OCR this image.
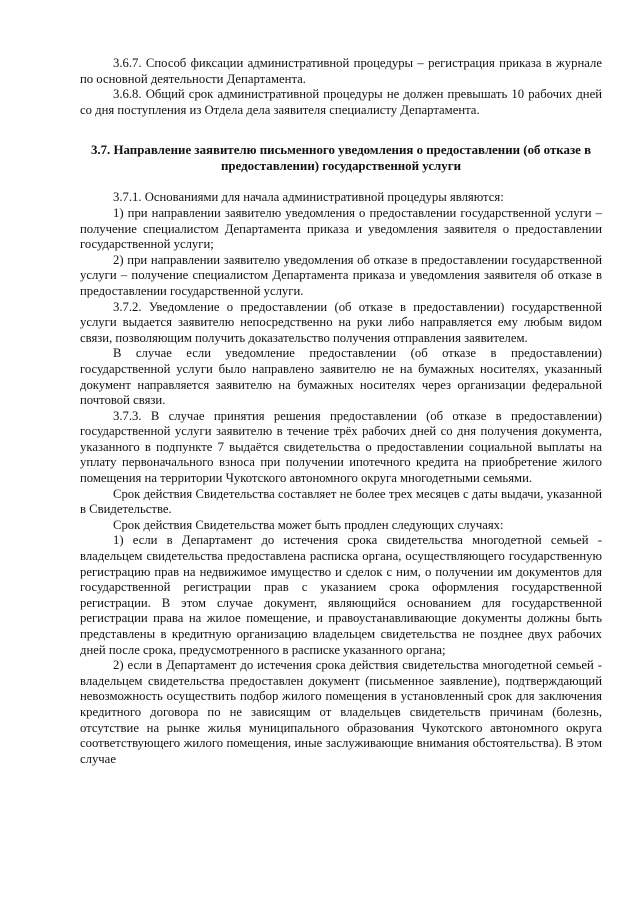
3.6.7. Способ фиксации административной процедуры – регистрация приказа в журнале по основной деятельности Департамента.

3.6.8. Общий срок административной процедуры не должен превышать 10 рабочих дней со дня поступления из Отдела дела заявителя специалисту Департамента.

3.7. Направление заявителю письменного уведомления о предоставлении (об отказе в предоставлении) государственной услуги

3.7.1. Основаниями для начала административной процедуры являются:

1) при направлении заявителю уведомления о предоставлении государственной услуги – получение специалистом Департамента приказа и уведомления заявителя о предоставлении государственной услуги;

2) при направлении заявителю уведомления об отказе в предоставлении государственной услуги – получение специалистом Департамента приказа и уведомления заявителя об отказе в предоставлении государственной услуги.

3.7.2. Уведомление о предоставлении (об отказе в предоставлении) государственной услуги выдается заявителю непосредственно на руки либо направляется ему любым видом связи, позволяющим получить доказательство получения отправления заявителем.

В случае если уведомление предоставлении (об отказе в предоставлении) государственной услуги было направлено заявителю не на бумажных носителях, указанный документ направляется заявителю на бумажных носителях через организации федеральной почтовой связи.

3.7.3. В случае принятия решения предоставлении (об отказе в предоставлении) государственной услуги заявителю в течение трёх рабочих дней со дня получения документа, указанного в подпункте 7 выдаётся свидетельства о предоставлении социальной выплаты на уплату первоначального взноса при получении ипотечного кредита на приобретение жилого помещения на территории Чукотского автономного округа многодетными семьями.

Срок действия Свидетельства составляет не более трех месяцев с даты выдачи, указанной в Свидетельстве.

Срок действия Свидетельства может быть продлен следующих случаях:

1) если в Департамент до истечения срока свидетельства многодетной семьей - владельцем свидетельства предоставлена расписка органа, осуществляющего государственную регистрацию прав на недвижимое имущество и сделок с ним, о получении им документов для государственной регистрации прав с указанием срока оформления государственной регистрации. В этом случае документ, являющийся основанием для государственной регистрации права на жилое помещение, и правоустанавливающие документы должны быть представлены в кредитную организацию владельцем свидетельства не позднее двух рабочих дней после срока, предусмотренного в расписке указанного органа;

2) если в Департамент до истечения срока действия свидетельства многодетной семьей - владельцем свидетельства предоставлен документ (письменное заявление), подтверждающий невозможность осуществить подбор жилого помещения в установленный срок для заключения кредитного договора по не зависящим от владельцев свидетельств причинам (болезнь, отсутствие на рынке жилья муниципального образования Чукотского автономного округа соответствующего жилого помещения, иные заслуживающие внимания обстоятельства). В этом случае
